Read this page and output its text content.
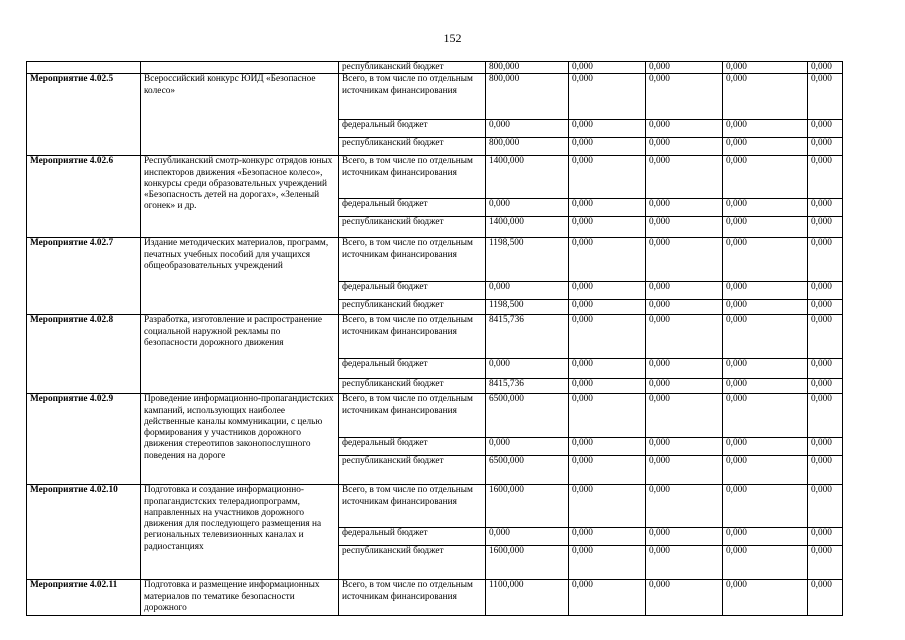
152
		республиканский бюджет	800,000	0,000	0,000	0,000	0,000
Мероприятие 4.02.5	Всероссийский конкурс ЮИД «Безопасное колесо»	Всего, в том числе по отдельным источникам финансирования	800,000	0,000	0,000	0,000	0,000
		федеральный бюджет	0,000	0,000	0,000	0,000	0,000
		республиканский бюджет	800,000	0,000	0,000	0,000	0,000
Мероприятие 4.02.6	Республиканский смотр-конкурс отрядов юных инспекторов движения «Безопасное колесо», конкурсы среди образовательных учреждений «Безопасность детей на дорогах», «Зеленый огонек» и др.	Всего, в том числе по отдельным источникам финансирования	1400,000	0,000	0,000	0,000	0,000
		федеральный бюджет	0,000	0,000	0,000	0,000	0,000
		республиканский бюджет	1400,000	0,000	0,000	0,000	0,000
Мероприятие 4.02.7	Издание методических материалов, программ, печатных учебных пособий для учащихся общеобразовательных учреждений	Всего, в том числе по отдельным источникам финансирования	1198,500	0,000	0,000	0,000	0,000
		федеральный бюджет	0,000	0,000	0,000	0,000	0,000
		республиканский бюджет	1198,500	0,000	0,000	0,000	0,000
Мероприятие 4.02.8	Разработка, изготовление и распространение социальной наружной рекламы по безопасности дорожного движения	Всего, в том числе по отдельным источникам финансирования	8415,736	0,000	0,000	0,000	0,000
		федеральный бюджет	0,000	0,000	0,000	0,000	0,000
		республиканский бюджет	8415,736	0,000	0,000	0,000	0,000
Мероприятие 4.02.9	Проведение информационно-пропагандистских кампаний, использующих наиболее действенные каналы коммуникации, с целью формирования у участников дорожного движения стереотипов законопослушного поведения на дороге	Всего, в том числе по отдельным источникам финансирования	6500,000	0,000	0,000	0,000	0,000
		федеральный бюджет	0,000	0,000	0,000	0,000	0,000
		республиканский бюджет	6500,000	0,000	0,000	0,000	0,000
Мероприятие 4.02.10	Подготовка и создание информационно-пропагандистских телерадиопрограмм, направленных на участников дорожного движения для последующего размещения на региональных телевизионных каналах и радиостанциях	Всего, в том числе по отдельным источникам финансирования	1600,000	0,000	0,000	0,000	0,000
		федеральный бюджет	0,000	0,000	0,000	0,000	0,000
		республиканский бюджет	1600,000	0,000	0,000	0,000	0,000
Мероприятие 4.02.11	Подготовка и размещение информационных материалов по тематике безопасности дорожного	Всего, в том числе по отдельным источникам финансирования	1100,000	0,000	0,000	0,000	0,000
